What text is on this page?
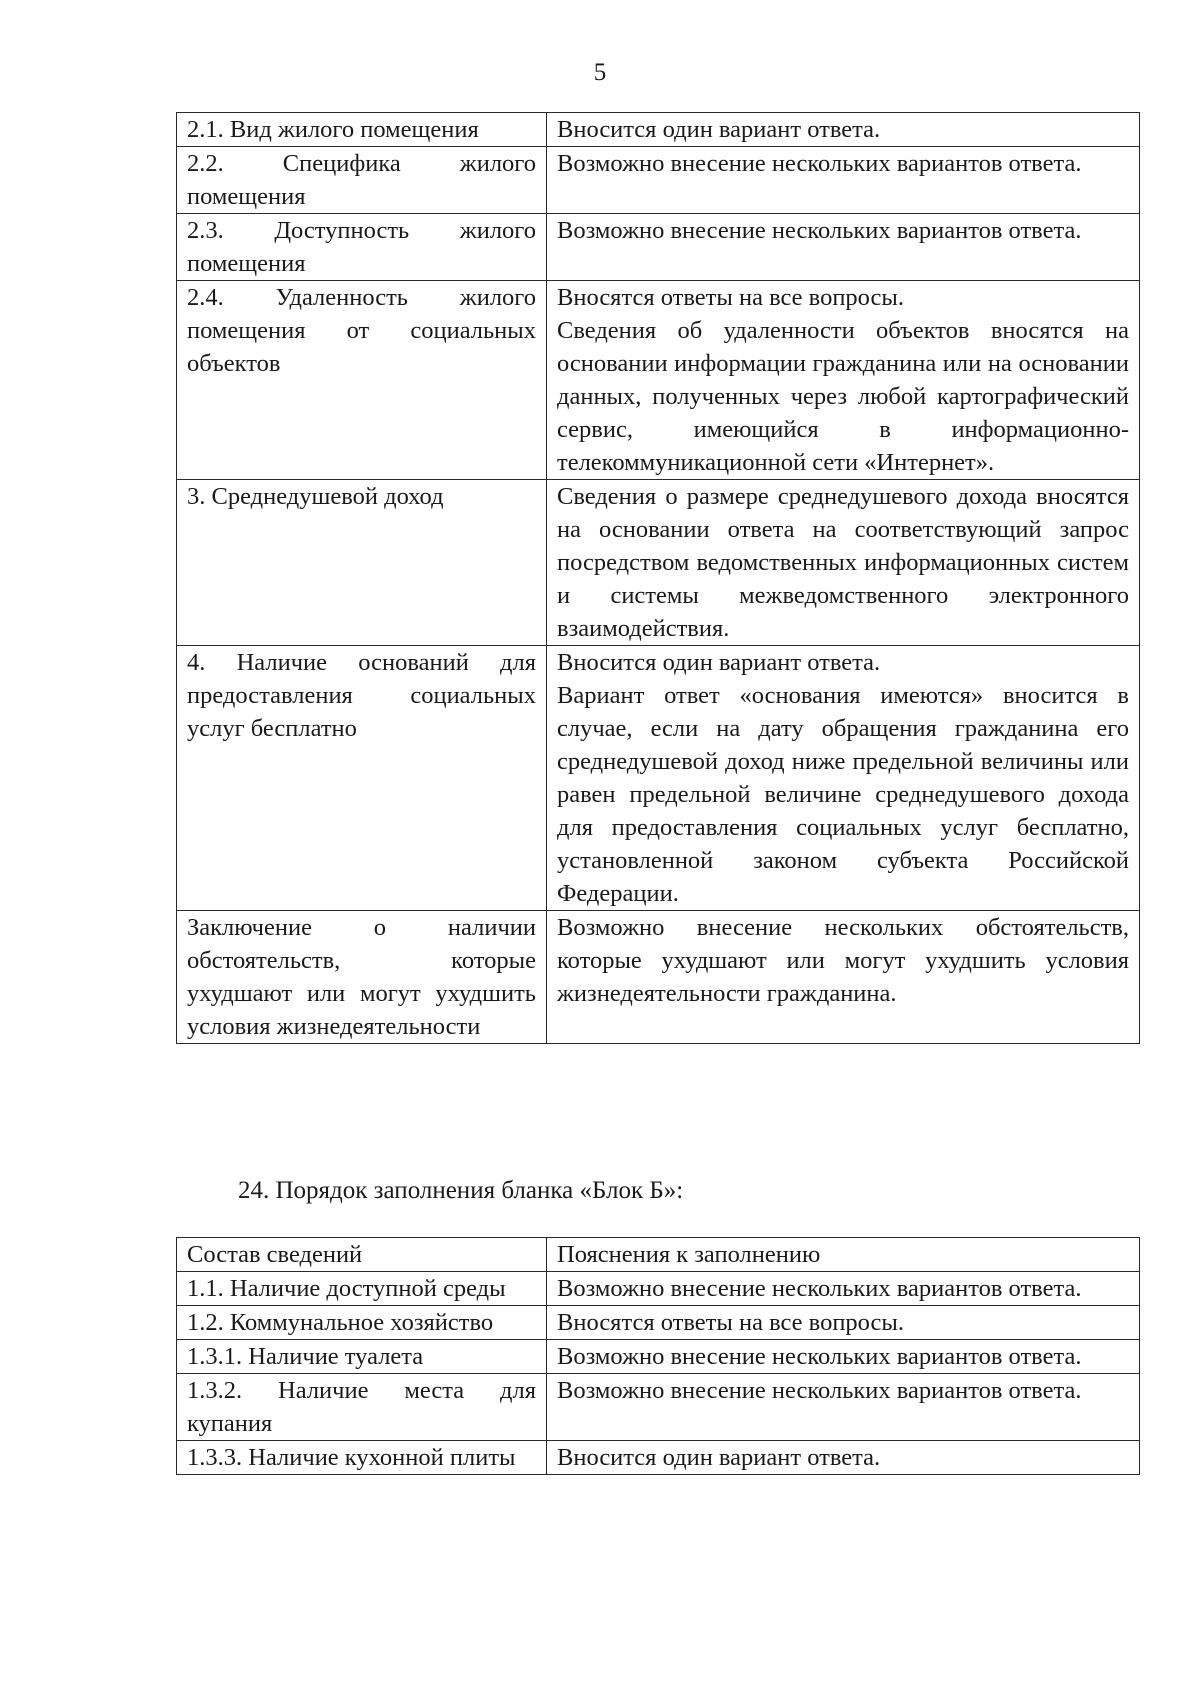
5
2.1. Вид жилого помещения	Вносится один вариант ответа.

2.2. Специфика жилого помещения	Возможно внесение нескольких вариантов ответа.

2.3. Доступность жилого помещения	Возможно внесение нескольких вариантов ответа.

2.4. Удаленность жилого помещения от социальных объектов	Вносятся ответы на все вопросы.
Сведения об удаленности объектов вносятся на основании информации гражданина или на основании данных, полученных через любой картографический сервис, имеющийся в информационно-телекоммуникационной сети «Интернет».

3. Среднедушевой доход	Сведения о размере среднедушевого дохода вносятся на основании ответа на соответствующий запрос посредством ведомственных информационных систем и системы межведомственного электронного взаимодействия.

4. Наличие оснований для предоставления социальных услуг бесплатно	Вносится один вариант ответа.
Вариант ответ «основания имеются» вносится в случае, если на дату обращения гражданина его среднедушевой доход ниже предельной величины или равен предельной величине среднедушевого дохода для предоставления социальных услуг бесплатно, установленной законом субъекта Российской Федерации.

Заключение о наличии обстоятельств, которые ухудшают или могут ухудшить условия жизнедеятельности	Возможно внесение нескольких обстоятельств, которые ухудшают или могут ухудшить условия жизнедеятельности гражданина.
24. Порядок заполнения бланка «Блок Б»:
Состав сведений	Пояснения к заполнению
1.1. Наличие доступной среды	Возможно внесение нескольких вариантов ответа.

1.2. Коммунальное хозяйство	Вносятся ответы на все вопросы.

1.3.1. Наличие туалета	Возможно внесение нескольких вариантов ответа.

1.3.2. Наличие места для купания	Возможно внесение нескольких вариантов ответа.

1.3.3. Наличие кухонной плиты	Вносится один вариант ответа.
